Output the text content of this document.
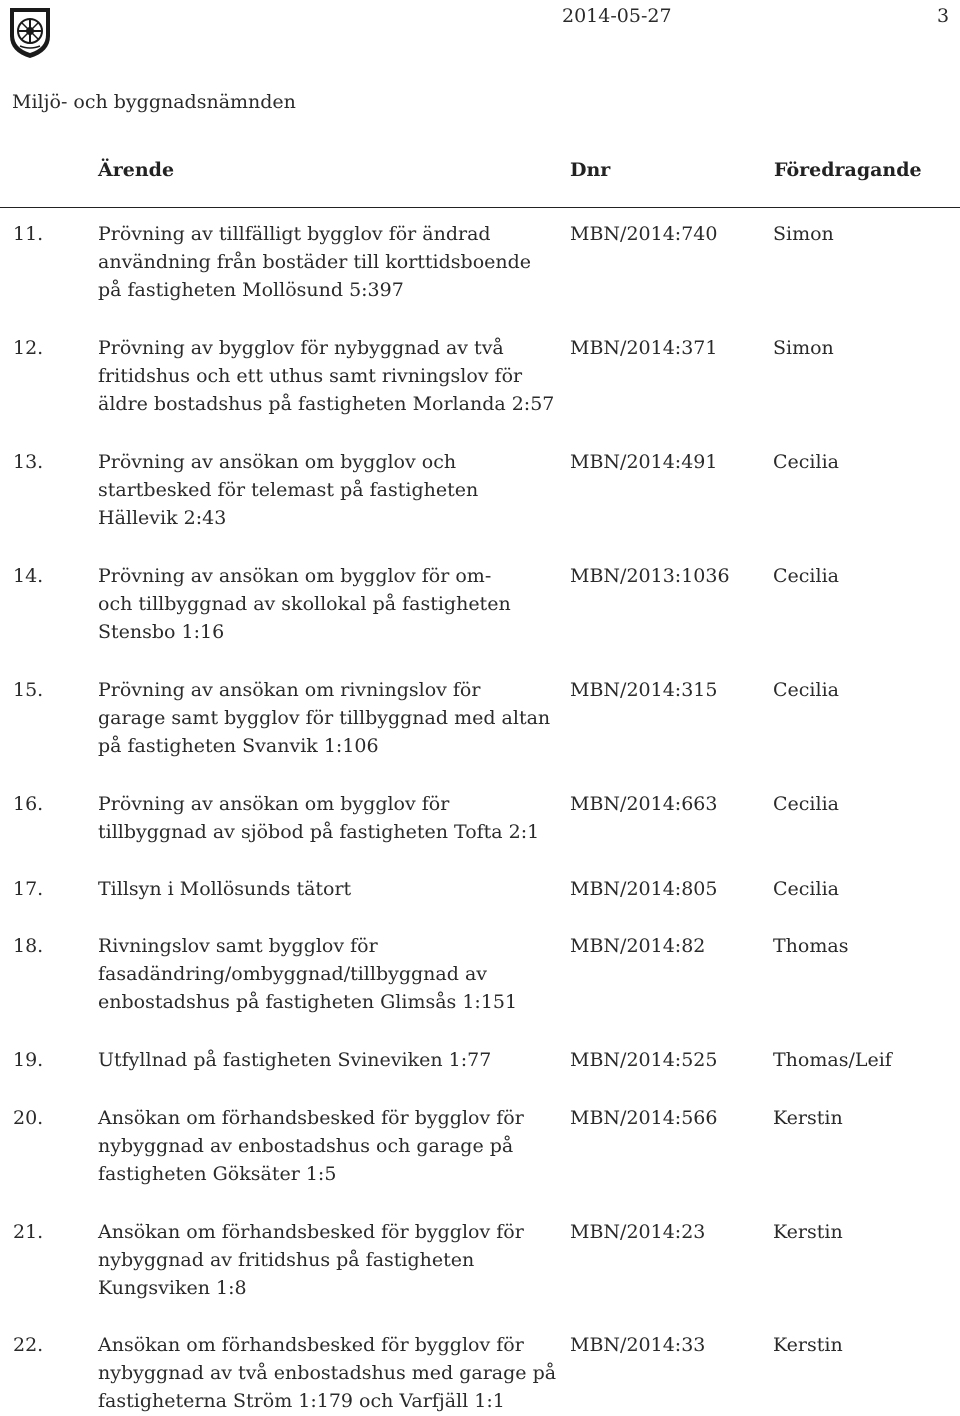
2014-05-27	3
Miljö- och byggnadsnämnden
Ärende	Dnr	Föredragande
11.	Prövning av tillfälligt bygglov för ändrad
användning från bostäder till korttidsboende
på fastigheten Mollösund 5:397
MBN/2014:740	Simon
12.	Prövning av bygglov för nybyggnad av två
fritidshus och ett uthus samt rivningslov för
äldre bostadshus på fastigheten Morlanda 2:57
MBN/2014:371	Simon
13.	Prövning av ansökan om bygglov och
startbesked för telemast på fastigheten
Hällevik 2:43
MBN/2014:491	Cecilia
14.	Prövning av ansökan om bygglov för om-
och tillbyggnad av skollokal på fastigheten
Stensbo 1:16
MBN/2013:1036 Cecilia
15.	Prövning av ansökan om rivningslov för
garage samt bygglov för tillbyggnad med altan
på fastigheten Svanvik 1:106
MBN/2014:315	Cecilia
16.	Prövning av ansökan om bygglov för
tillbyggnad av sjöbod på fastigheten Tofta 2:1
MBN/2014:663	Cecilia
17.	Tillsyn i Mollösunds tätort	MBN/2014:805	Cecilia
18.	Rivningslov samt bygglov för
fasadändring/ombyggnad/tillbyggnad av
enbostadshus på fastigheten Glimsås 1:151
MBN/2014:82	Thomas
19.	Utfyllnad på fastigheten Svineviken 1:77	MBN/2014:525	Thomas/Leif
20.	Ansökan om förhandsbesked för bygglov för
nybyggnad av enbostadshus och garage på
fastigheten Göksäter 1:5
MBN/2014:566	Kerstin
21.	Ansökan om förhandsbesked för bygglov för
nybyggnad av fritidshus på fastigheten
Kungsviken 1:8
MBN/2014:23	Kerstin
22.	Ansökan om förhandsbesked för bygglov för
nybyggnad av två enbostadshus med garage på
fastigheterna Ström 1:179 och Varfjäll 1:1
MBN/2014:33	Kerstin
